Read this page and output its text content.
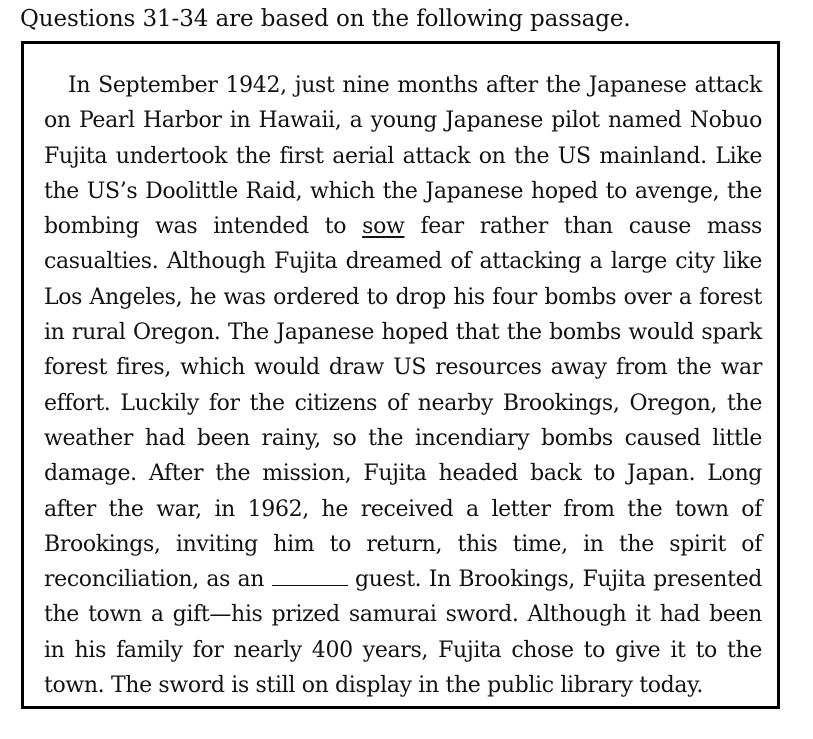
Questions 31-34 are based on the following passage.

In September 1942, just nine months after the Japanese attack on Pearl Harbor in Hawaii, a young Japanese pilot named Nobuo Fujita undertook the first aerial attack on the US mainland. Like the US’s Doolittle Raid, which the Japanese hoped to avenge, the bombing was intended to sow fear rather than cause mass casualties. Although Fujita dreamed of attacking a large city like Los Angeles, he was ordered to drop his four bombs over a forest in rural Oregon. The Japanese hoped that the bombs would spark forest fires, which would draw US resources away from the war effort. Luckily for the citizens of nearby Brookings, Oregon, the weather had been rainy, so the incendiary bombs caused little damage. After the mission, Fujita headed back to Japan. Long after the war, in 1962, he received a letter from the town of Brookings, inviting him to return, this time, in the spirit of reconciliation, as an	guest. In Brookings, Fujita presented the town a gift—his prized samurai sword. Although it had been in his family for nearly 400 years, Fujita chose to give it to the town. The sword is still on display in the public library today.
